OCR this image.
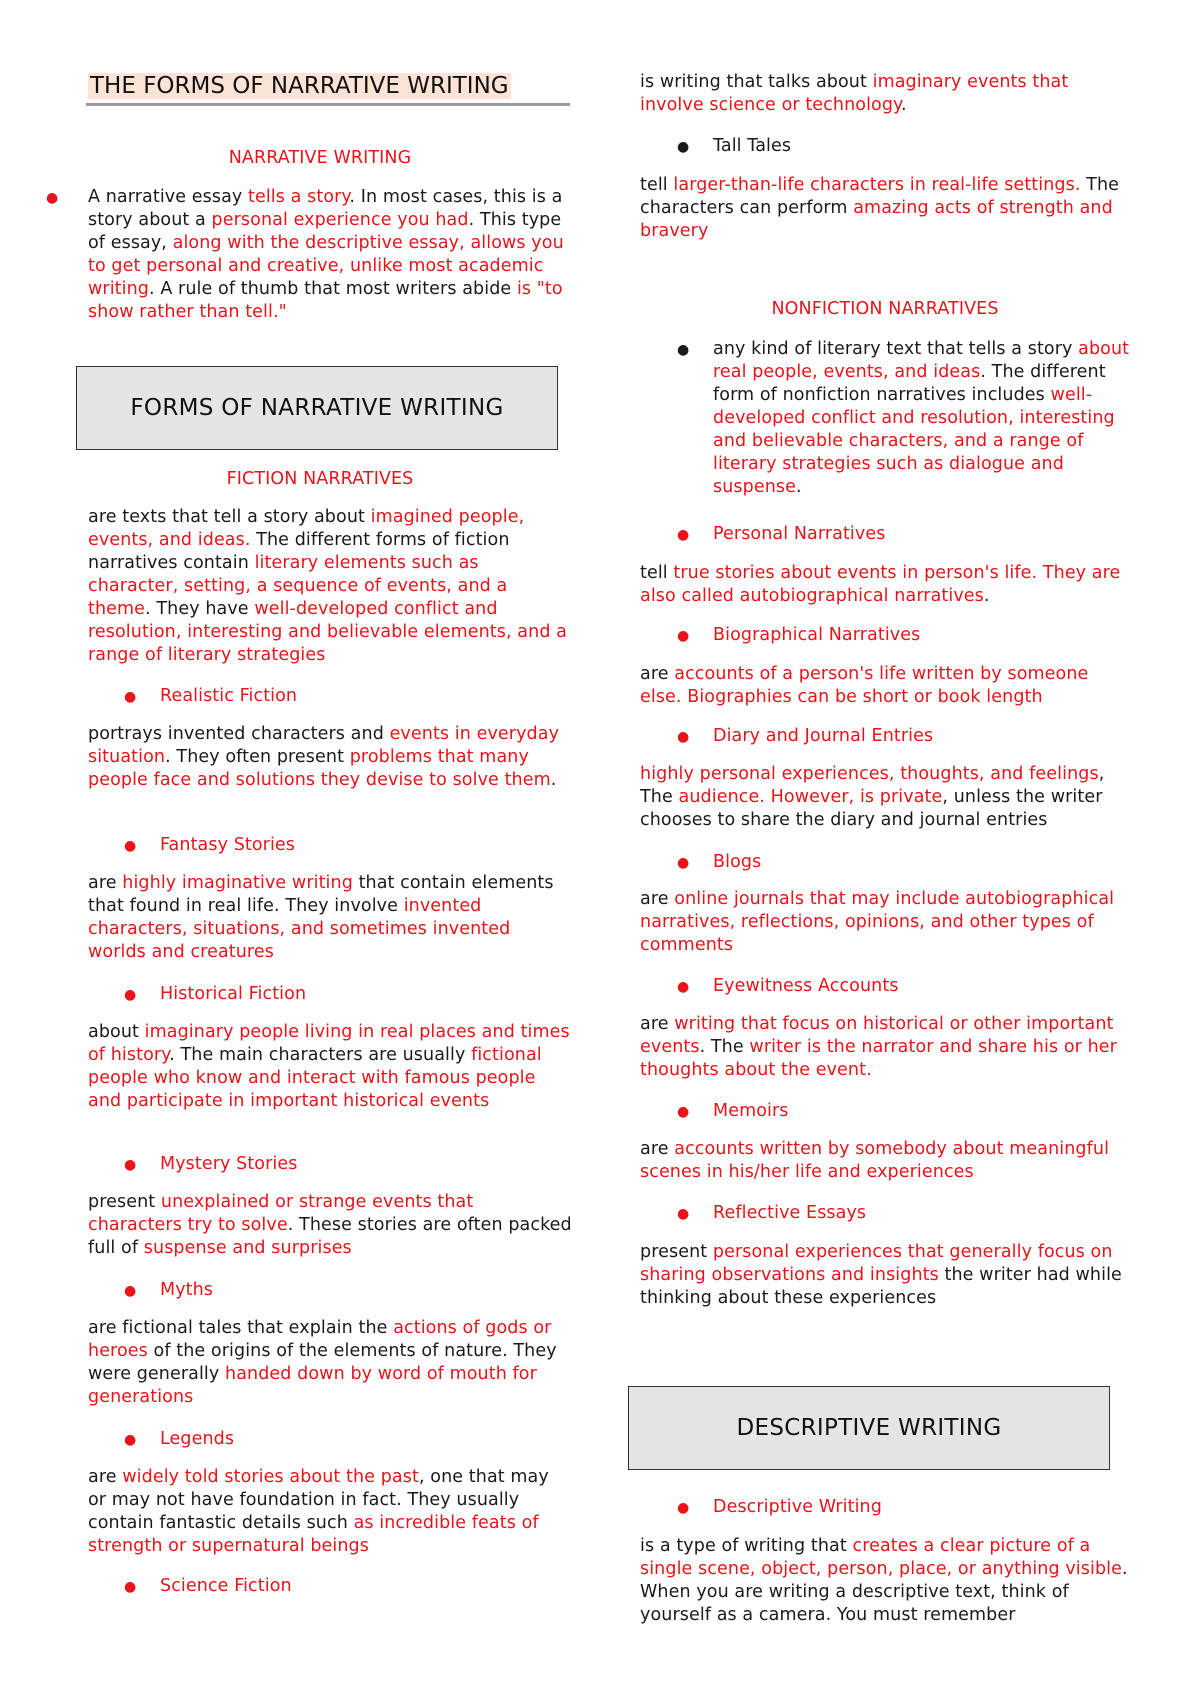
THE FORMS OF NARRATIVE WRITING
NARRATIVE WRITING
● A narrative essay tells a story. In most cases, this is a story about a personal experience you had. This type of essay, along with the descriptive essay, allows you to get personal and creative, unlike most academic writing. A rule of thumb that most writers abide is "to show rather than tell."
FORMS OF NARRATIVE WRITING
FICTION NARRATIVES
are texts that tell a story about imagined people, events, and ideas. The different forms of fiction narratives contain literary elements such as character, setting, a sequence of events, and a theme. They have well-developed conflict and resolution, interesting and believable elements, and a range of literary strategies
● Realistic Fiction
portrays invented characters and events in everyday situation. They often present problems that many people face and solutions they devise to solve them.
● Fantasy Stories
are highly imaginative writing that contain elements that found in real life. They involve invented characters, situations, and sometimes invented worlds and creatures
● Historical Fiction
about imaginary people living in real places and times of history. The main characters are usually fictional people who know and interact with famous people and participate in important historical events
● Mystery Stories
present unexplained or strange events that characters try to solve. These stories are often packed full of suspense and surprises
● Myths
are fictional tales that explain the actions of gods or heroes of the origins of the elements of nature. They were generally handed down by word of mouth for generations
● Legends
are widely told stories about the past, one that may or may not have foundation in fact. They usually contain fantastic details such as incredible feats of strength or supernatural beings
● Science Fiction
is writing that talks about imaginary events that involve science or technology.
● Tall Tales
tell larger-than-life characters in real-life settings. The characters can perform amazing acts of strength and bravery
NONFICTION NARRATIVES
● any kind of literary text that tells a story about real people, events, and ideas. The different form of nonfiction narratives includes well-developed conflict and resolution, interesting and believable characters, and a range of literary strategies such as dialogue and suspense.
● Personal Narratives
tell true stories about events in person's life. They are also called autobiographical narratives.
● Biographical Narratives
are accounts of a person's life written by someone else. Biographies can be short or book length
● Diary and Journal Entries
highly personal experiences, thoughts, and feelings, The audience. However, is private, unless the writer chooses to share the diary and journal entries
● Blogs
are online journals that may include autobiographical narratives, reflections, opinions, and other types of comments
● Eyewitness Accounts
are writing that focus on historical or other important events. The writer is the narrator and share his or her thoughts about the event.
● Memoirs
are accounts written by somebody about meaningful scenes in his/her life and experiences
● Reflective Essays
present personal experiences that generally focus on sharing observations and insights the writer had while thinking about these experiences
DESCRIPTIVE WRITING
● Descriptive Writing
is a type of writing that creates a clear picture of a single scene, object, person, place, or anything visible. When you are writing a descriptive text, think of yourself as a camera. You must remember
